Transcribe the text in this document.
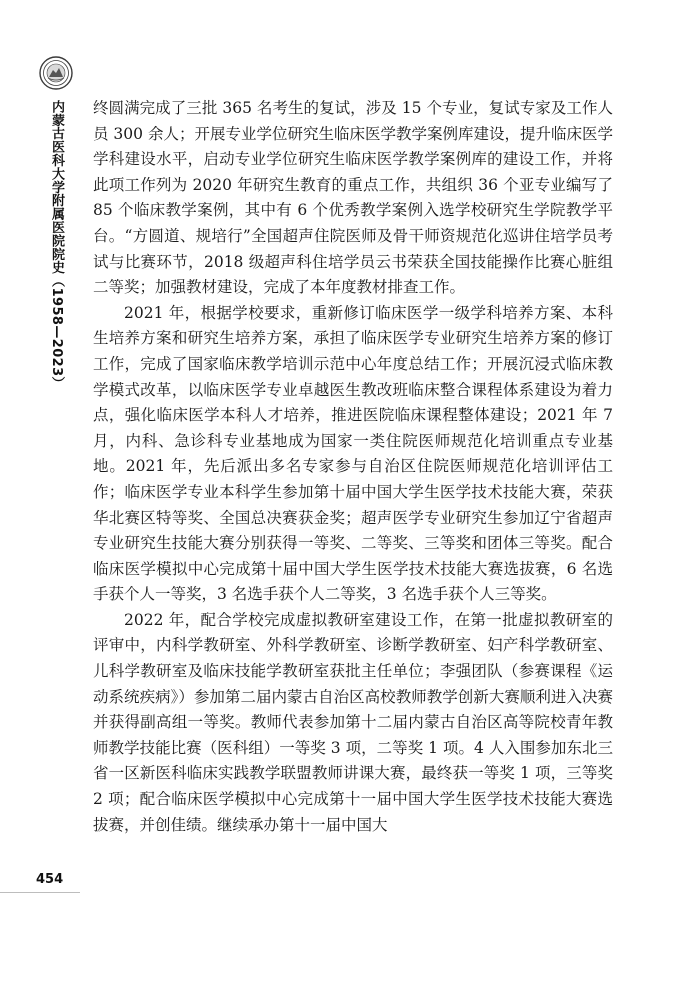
内蒙古医科大学附属医院院史（1958—2023）
454

终圆满完成了三批 365 名考生的复试，涉及 15 个专业，复试专家及工作人员 300 余人；开展专业学位研究生临床医学教学案例库建设，提升临床医学学科建设水平，启动专业学位研究生临床医学教学案例库的建设工作，并将此项工作列为 2020 年研究生教育的重点工作，共组织 36 个亚专业编写了 85 个临床教学案例，其中有 6 个优秀教学案例入选学校研究生学院教学平台。“方圆道、规培行”全国超声住院医师及骨干师资规范化巡讲住培学员考试与比赛环节，2018 级超声科住培学员云书荣获全国技能操作比赛心脏组二等奖；加强教材建设，完成了本年度教材排查工作。

2021 年，根据学校要求，重新修订临床医学一级学科培养方案、本科生培养方案和研究生培养方案，承担了临床医学专业研究生培养方案的修订工作，完成了国家临床教学培训示范中心年度总结工作；开展沉浸式临床教学模式改革，以临床医学专业卓越医生教改班临床整合课程体系建设为着力点，强化临床医学本科人才培养，推进医院临床课程整体建设；2021 年 7 月，内科、急诊科专业基地成为国家一类住院医师规范化培训重点专业基地。2021 年，先后派出多名专家参与自治区住院医师规范化培训评估工作；临床医学专业本科学生参加第十届中国大学生医学技术技能大赛，荣获华北赛区特等奖、全国总决赛获金奖；超声医学专业研究生参加辽宁省超声专业研究生技能大赛分别获得一等奖、二等奖、三等奖和团体三等奖。配合临床医学模拟中心完成第十届中国大学生医学技术技能大赛选拔赛，6 名选手获个人一等奖，3 名选手获个人二等奖，3 名选手获个人三等奖。

2022 年，配合学校完成虚拟教研室建设工作，在第一批虚拟教研室的评审中，内科学教研室、外科学教研室、诊断学教研室、妇产科学教研室、儿科学教研室及临床技能学教研室获批主任单位；李强团队（参赛课程《运动系统疾病》）参加第二届内蒙古自治区高校教师教学创新大赛顺利进入决赛并获得副高组一等奖。教师代表参加第十二届内蒙古自治区高等院校青年教师教学技能比赛（医科组）一等奖 3 项，二等奖 1 项。4 人入围参加东北三省一区新医科临床实践教学联盟教师讲课大赛，最终获一等奖 1 项，三等奖 2 项；配合临床医学模拟中心完成第十一届中国大学生医学技术技能大赛选拔赛，并创佳绩。继续承办第十一届中国大
